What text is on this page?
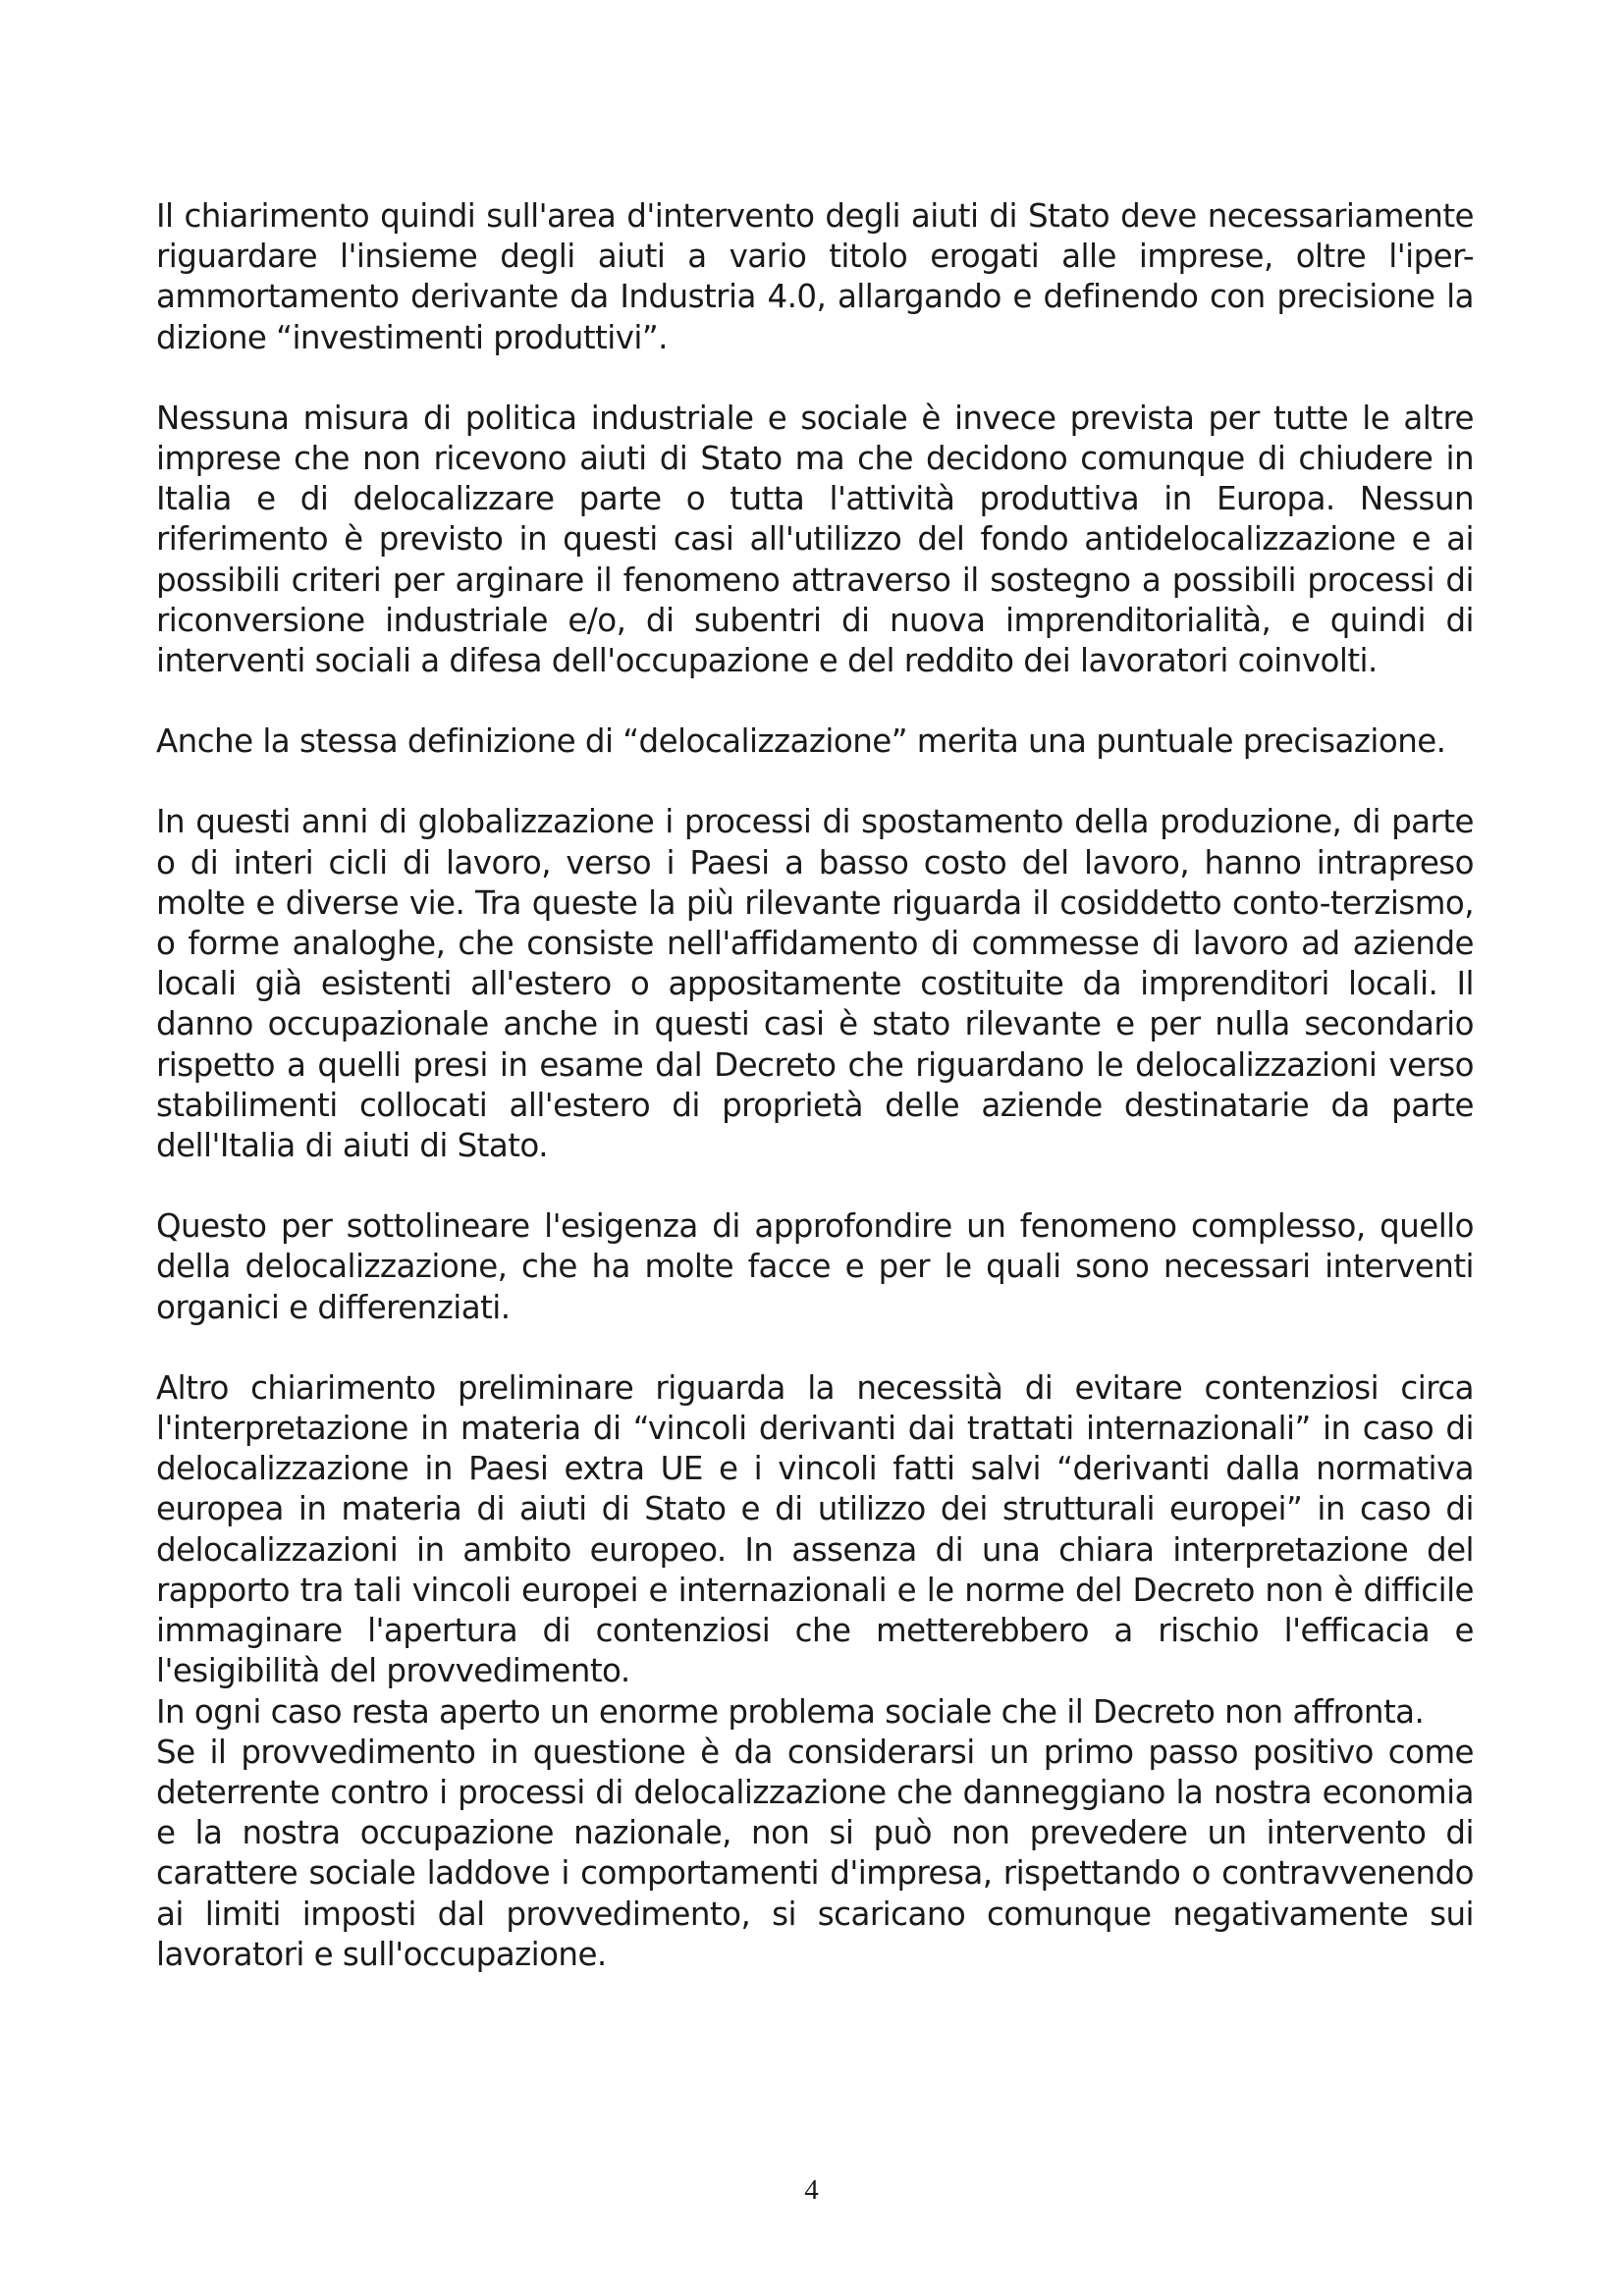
Il chiarimento quindi sull'area d'intervento degli aiuti di Stato deve necessariamente riguardare l'insieme degli aiuti a vario titolo erogati alle imprese, oltre l'iper-ammortamento derivante da Industria 4.0, allargando e definendo con precisione la dizione “investimenti produttivi”.

Nessuna misura di politica industriale e sociale è invece prevista per tutte le altre imprese che non ricevono aiuti di Stato ma che decidono comunque di chiudere in Italia e di delocalizzare parte o tutta l'attività produttiva in Europa. Nessun riferimento è previsto in questi casi all'utilizzo del fondo antidelocalizzazione e ai possibili criteri per arginare il fenomeno attraverso il sostegno a possibili processi di riconversione industriale e/o, di subentri di nuova imprenditorialità, e quindi di interventi sociali a difesa dell'occupazione e del reddito dei lavoratori coinvolti.

Anche la stessa definizione di “delocalizzazione” merita una puntuale precisazione.

In questi anni di globalizzazione i processi di spostamento della produzione, di parte o di interi cicli di lavoro, verso i Paesi a basso costo del lavoro, hanno intrapreso molte e diverse vie. Tra queste la più rilevante riguarda il cosiddetto conto-terzismo, o forme analoghe, che consiste nell'affidamento di commesse di lavoro ad aziende locali già esistenti all'estero o appositamente costituite da imprenditori locali. Il danno occupazionale anche in questi casi è stato rilevante e per nulla secondario rispetto a quelli presi in esame dal Decreto che riguardano le delocalizzazioni verso stabilimenti collocati all'estero di proprietà delle aziende destinatarie da parte dell'Italia di aiuti di Stato.

Questo per sottolineare l'esigenza di approfondire un fenomeno complesso, quello della delocalizzazione, che ha molte facce e per le quali sono necessari interventi organici e differenziati.

Altro chiarimento preliminare riguarda la necessità di evitare contenziosi circa l'interpretazione in materia di “vincoli derivanti dai trattati internazionali” in caso di delocalizzazione in Paesi extra UE e i vincoli fatti salvi “derivanti dalla normativa europea in materia di aiuti di Stato e di utilizzo dei strutturali europei” in caso di delocalizzazioni in ambito europeo. In assenza di una chiara interpretazione del rapporto tra tali vincoli europei e internazionali e le norme del Decreto non è difficile immaginare l'apertura di contenziosi che metterebbero a rischio l'efficacia e l'esigibilità del provvedimento.

In ogni caso resta aperto un enorme problema sociale che il Decreto non affronta.

Se il provvedimento in questione è da considerarsi un primo passo positivo come deterrente contro i processi di delocalizzazione che danneggiano la nostra economia e la nostra occupazione nazionale, non si può non prevedere un intervento di carattere sociale laddove i comportamenti d'impresa, rispettando o contravvenendo ai limiti imposti dal provvedimento, si scaricano comunque negativamente sui lavoratori e sull'occupazione.

4
